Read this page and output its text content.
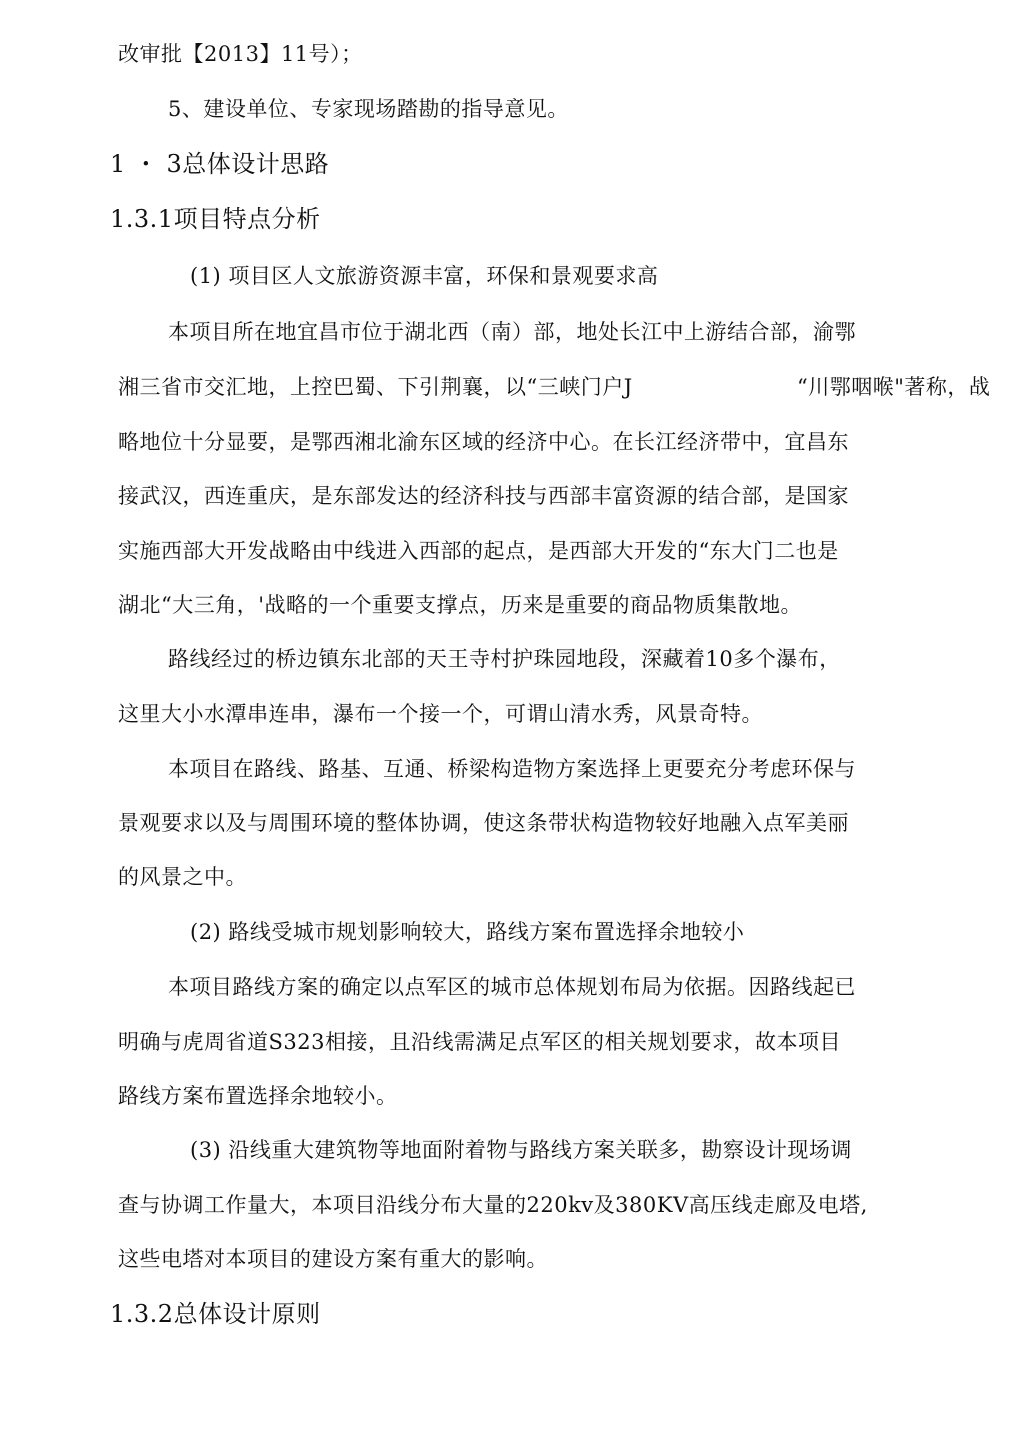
改审批【2013】11号）；
5、建设单位、专家现场踏勘的指导意见。
1 ・ 3总体设计思路
1.3.1项目特点分析
(1) 项目区人文旅游资源丰富，环保和景观要求高
本项目所在地宜昌市位于湖北西（南）部，地处长江中上游结合部，渝鄂
湘三省市交汇地，上控巴蜀、下引荆襄，以“三峡门户J	“川鄂咽喉"著称，战
略地位十分显要，是鄂西湘北渝东区域的经济中心。在长江经济带中，宜昌东
接武汉，西连重庆，是东部发达的经济科技与西部丰富资源的结合部，是国家
实施西部大开发战略由中线进入西部的起点，是西部大开发的“东大门二也是
湖北“大三角，'战略的一个重要支撑点，历来是重要的商品物质集散地。
路线经过的桥边镇东北部的天王寺村护珠园地段，深藏着10多个瀑布，
这里大小水潭串连串，瀑布一个接一个，可谓山清水秀，风景奇特。
本项目在路线、路基、互通、桥梁构造物方案选择上更要充分考虑环保与
景观要求以及与周围环境的整体协调，使这条带状构造物较好地融入点军美丽
的风景之中。
(2) 路线受城市规划影响较大，路线方案布置选择余地较小
本项目路线方案的确定以点军区的城市总体规划布局为依据。因路线起已
明确与虎周省道S323相接，且沿线需满足点军区的相关规划要求，故本项目
路线方案布置选择余地较小。
(3) 沿线重大建筑物等地面附着物与路线方案关联多，勘察设计现场调
查与协调工作量大，本项目沿线分布大量的220kv及380KV高压线走廊及电塔,
这些电塔对本项目的建设方案有重大的影响。
1.3.2总体设计原则
